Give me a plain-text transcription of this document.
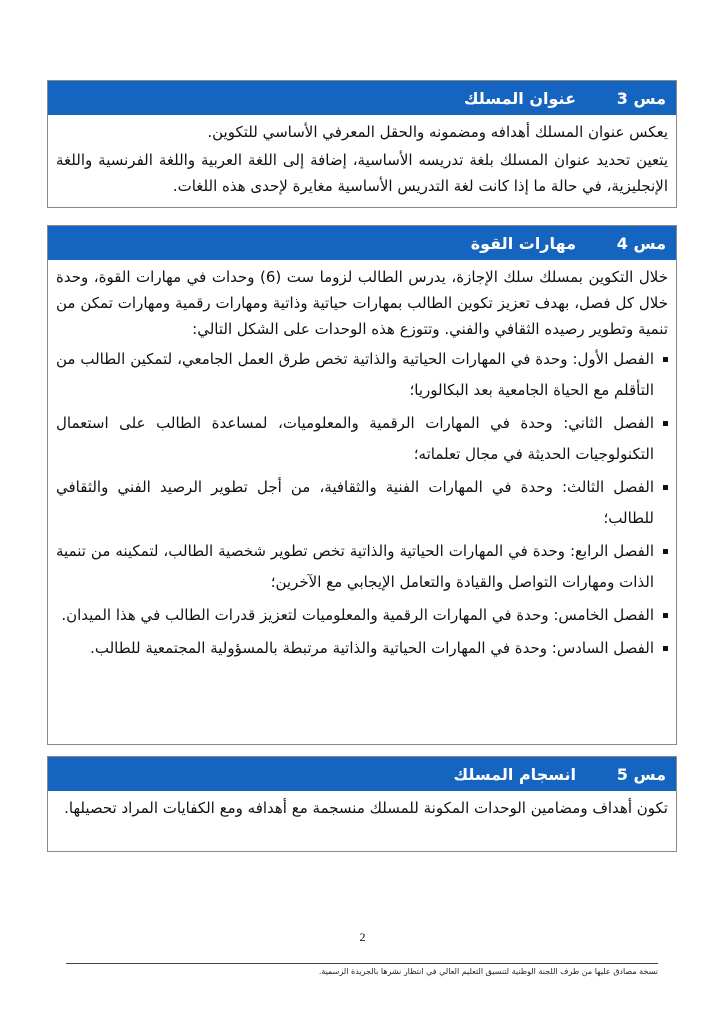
مس 3
عنوان المسلك

يعكس عنوان المسلك أهدافه ومضمونه والحقل المعرفي الأساسي للتكوين.

يتعين تحديد عنوان المسلك بلغة تدريسه الأساسية، إضافة إلى اللغة العربية واللغة الفرنسية واللغة الإنجليزية، في حالة ما إذا كانت لغة التدريس الأساسية مغايرة لإحدى هذه اللغات.

مس 4
مهارات القوة

خلال التكوين بمسلك سلك الإجازة، يدرس الطالب لزوما ست (6) وحدات في مهارات القوة، وحدة خلال كل فصل، بهدف تعزيز تكوين الطالب بمهارات حياتية وذاتية ومهارات رقمية ومهارات تمكن من تنمية وتطوير رصيده الثقافي والفني. وتتوزع هذه الوحدات على الشكل التالي:

الفصل الأول: وحدة في المهارات الحياتية والذاتية تخص طرق العمل الجامعي، لتمكين الطالب من التأقلم مع الحياة الجامعية بعد البكالوريا؛
الفصل الثاني: وحدة في المهارات الرقمية والمعلوميات، لمساعدة الطالب على استعمال التكنولوجيات الحديثة في مجال تعلماته؛
الفصل الثالث: وحدة في المهارات الفنية والثقافية، من أجل تطوير الرصيد الفني والثقافي للطالب؛
الفصل الرابع: وحدة في المهارات الحياتية والذاتية تخص تطوير شخصية الطالب، لتمكينه من تنمية الذات ومهارات التواصل والقيادة والتعامل الإيجابي مع الآخرين؛
الفصل الخامس: وحدة في المهارات الرقمية والمعلوميات لتعزيز قدرات الطالب في هذا الميدان.
الفصل السادس: وحدة في المهارات الحياتية والذاتية مرتبطة بالمسؤولية المجتمعية للطالب.
مس 5
انسجام المسلك

تكون أهداف ومضامين الوحدات المكونة للمسلك منسجمة مع أهدافه ومع الكفايات المراد تحصيلها.

2
نسخة مصادق عليها من طرف اللجنة الوطنية لتنسيق التعليم العالي في انتظار نشرها بالجريدة الرسمية.
